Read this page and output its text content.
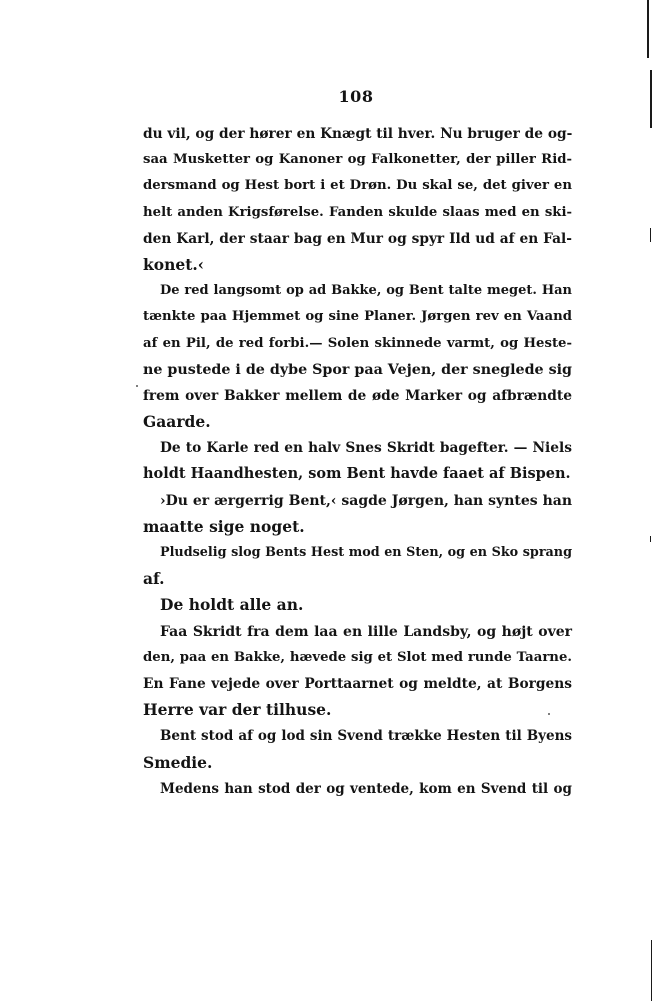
108
du vil, og der hører en Knægt til hver. Nu bruger de og-
saa Musketter og Kanoner og Falkonetter, der piller Rid-
dersmand og Hest bort i et Drøn. Du skal se, det giver en
helt anden Krigsførelse. Fanden skulde slaas med en ski-
den Karl, der staar bag en Mur og spyr Ild ud af en Fal-
konet.‹
De red langsomt op ad Bakke, og Bent talte meget. Han
tænkte paa Hjemmet og sine Planer. Jørgen rev en Vaand
af en Pil, de red forbi.— Solen skinnede varmt, og Heste-
ne pustede i de dybe Spor paa Vejen, der sneglede sig
frem over Bakker mellem de øde Marker og afbrændte
Gaarde.
De to Karle red en halv Snes Skridt bagefter. — Niels
holdt Haandhesten, som Bent havde faaet af Bispen.
›Du er ærgerrig Bent,‹ sagde Jørgen, han syntes han
maatte sige noget.
Pludselig slog Bents Hest mod en Sten, og en Sko sprang
af.
De holdt alle an.
Faa Skridt fra dem laa en lille Landsby, og højt over
den, paa en Bakke, hævede sig et Slot med runde Taarne.
En Fane vejede over Porttaarnet og meldte, at Borgens
Herre var der tilhuse.
Bent stod af og lod sin Svend trække Hesten til Byens
Smedie.
Medens han stod der og ventede, kom en Svend til og
